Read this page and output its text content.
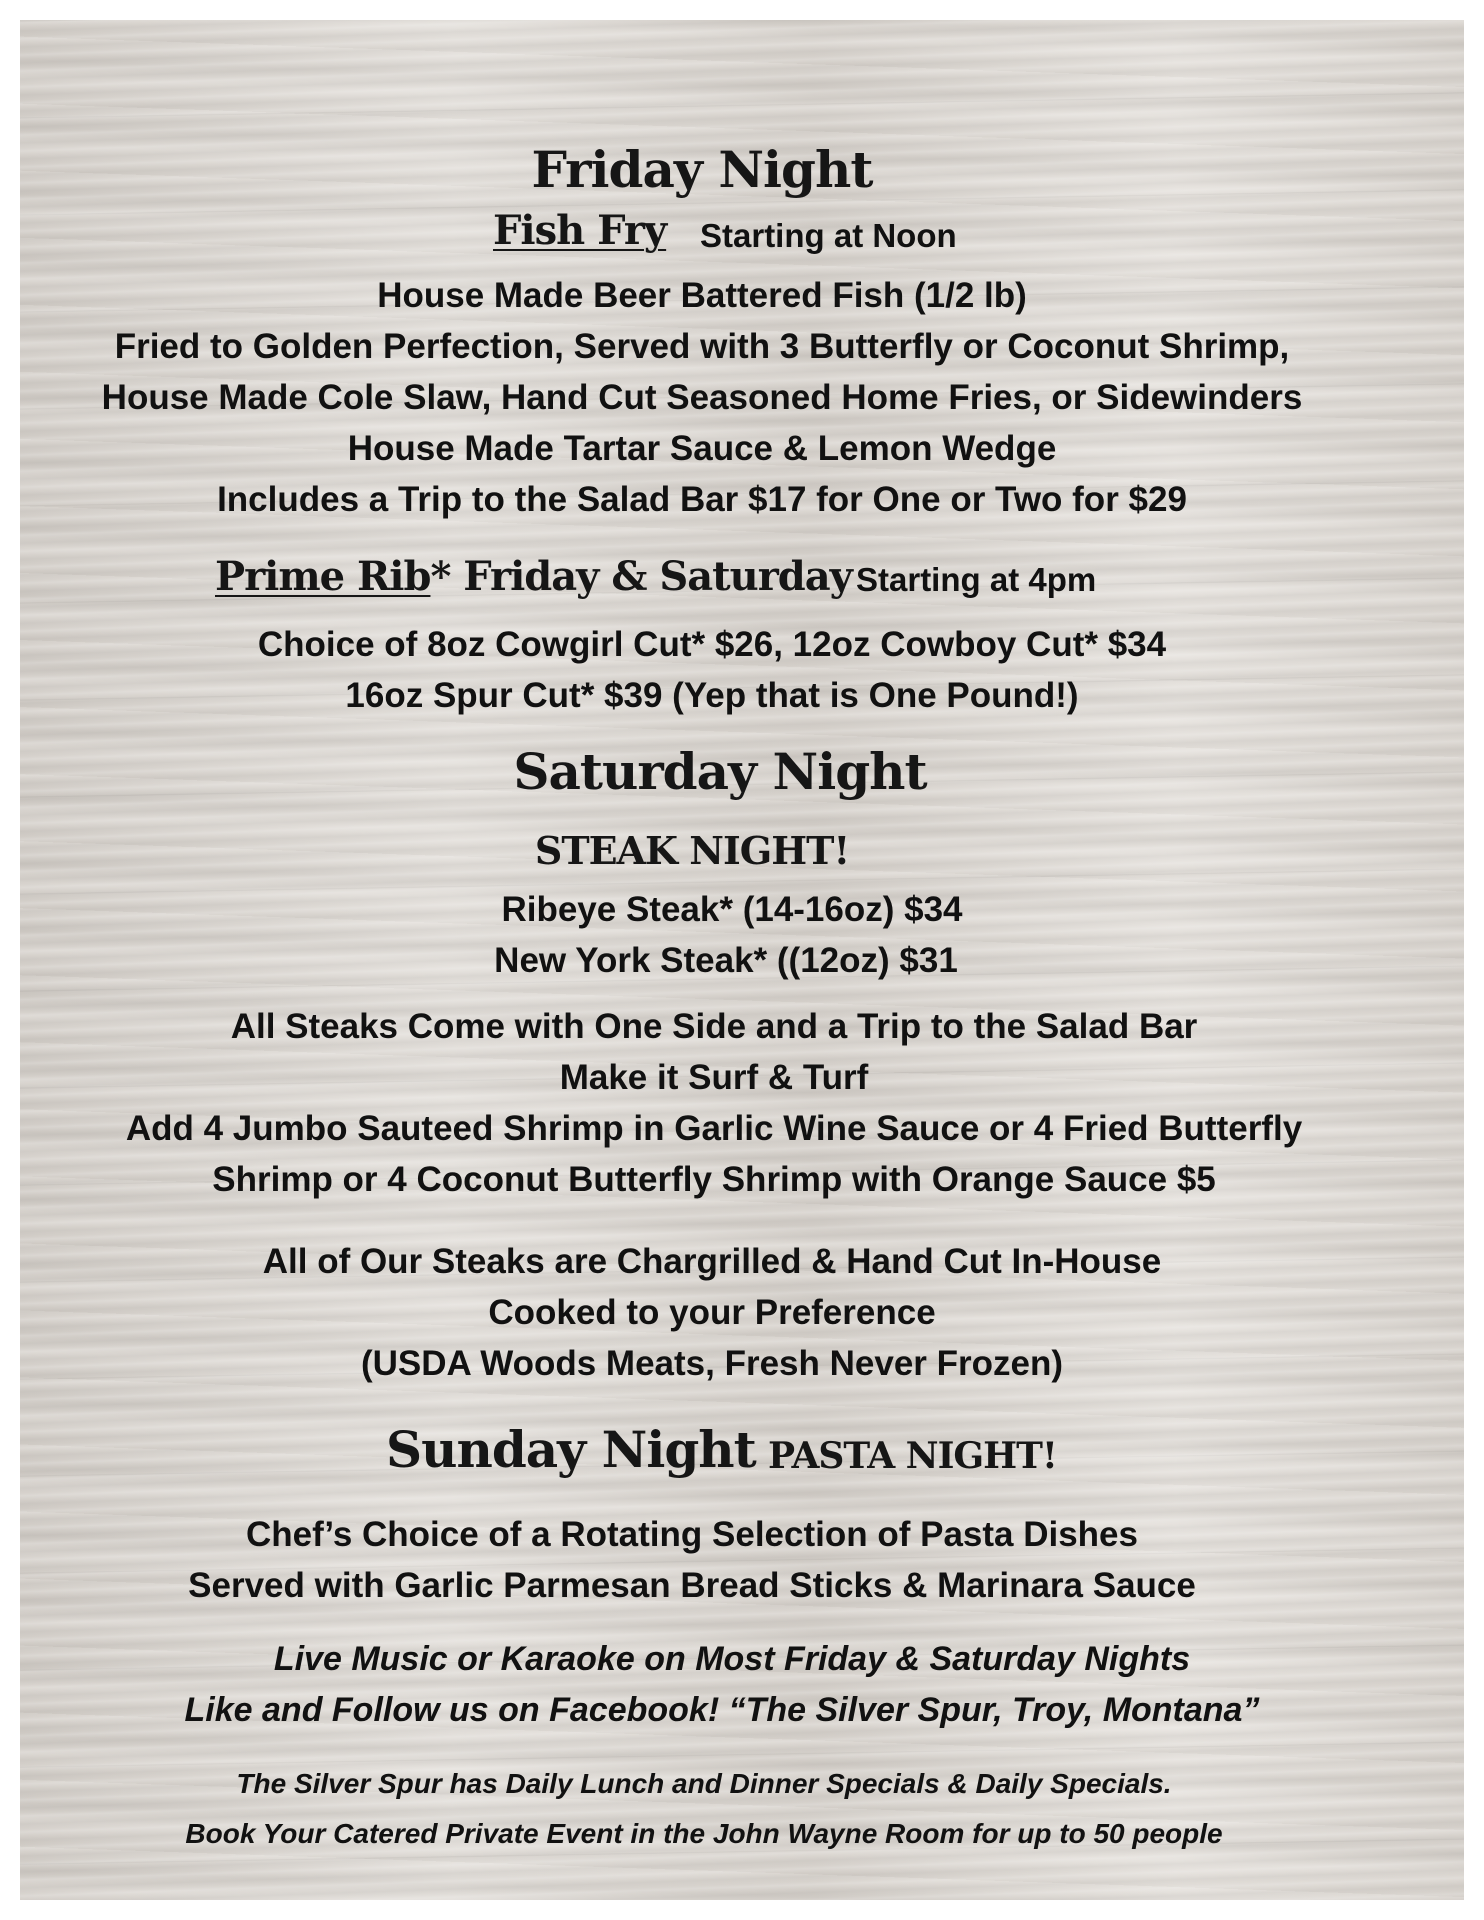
Friday Night
Fish Fry Starting at Noon
House Made Beer Battered Fish (1/2 lb)
Fried to Golden Perfection, Served with 3 Butterfly or Coconut Shrimp,
House Made Cole Slaw, Hand Cut Seasoned Home Fries, or Sidewinders
House Made Tartar Sauce & Lemon Wedge
Includes a Trip to the Salad Bar $17 for One or Two for $29
Prime Rib* Friday & Saturday Starting at 4pm
Choice of 8oz Cowgirl Cut* $26, 12oz Cowboy Cut* $34
16oz Spur Cut* $39 (Yep that is One Pound!)
Saturday Night
STEAK NIGHT!
Ribeye Steak* (14-16oz) $34
New York Steak* ((12oz) $31
All Steaks Come with One Side and a Trip to the Salad Bar
Make it Surf & Turf
Add 4 Jumbo Sauteed Shrimp in Garlic Wine Sauce or 4 Fried Butterfly
Shrimp or 4 Coconut Butterfly Shrimp with Orange Sauce $5
All of Our Steaks are Chargrilled & Hand Cut In-House
Cooked to your Preference
(USDA Woods Meats, Fresh Never Frozen)
Sunday Night PASTA NIGHT!
Chef’s Choice of a Rotating Selection of Pasta Dishes
Served with Garlic Parmesan Bread Sticks & Marinara Sauce
Live Music or Karaoke on Most Friday & Saturday Nights
Like and Follow us on Facebook! “The Silver Spur, Troy, Montana”
The Silver Spur has Daily Lunch and Dinner Specials & Daily Specials.
Book Your Catered Private Event in the John Wayne Room for up to 50 people
